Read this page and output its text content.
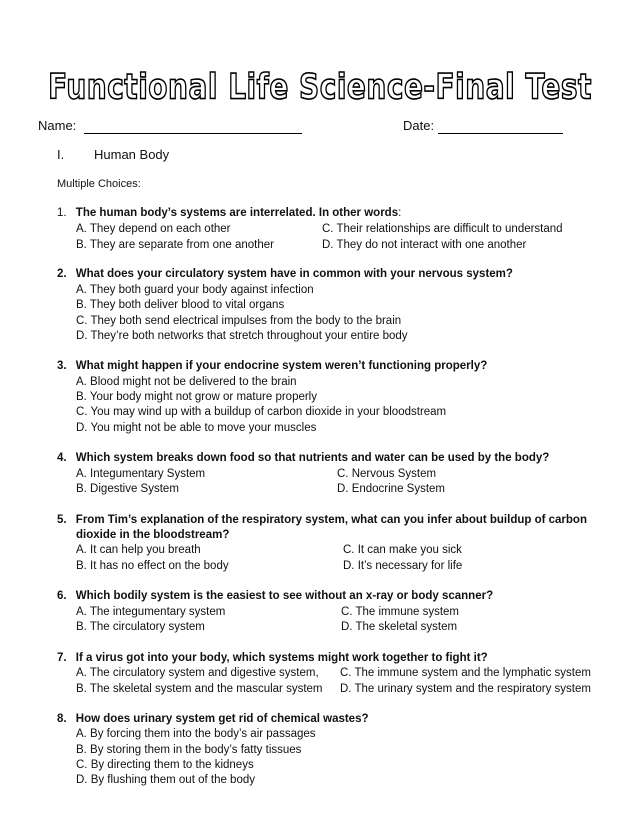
Functional Life Science-Final Test
Name:	Date:
I. Human Body
Multiple Choices:
1. The human body’s systems are interrelated. In other words:
A. They depend on each other	C. Their relationships are difficult to understand
B. They are separate from one another	D. They do not interact with one another
2. What does your circulatory system have in common with your nervous system?
A. They both guard your body against infection
B. They both deliver blood to vital organs
C. They both send electrical impulses from the body to the brain
D. They’re both networks that stretch throughout your entire body
3. What might happen if your endocrine system weren’t functioning properly?
A. Blood might not be delivered to the brain
B. Your body might not grow or mature properly
C. You may wind up with a buildup of carbon dioxide in your bloodstream
D. You might not be able to move your muscles
4. Which system breaks down food so that nutrients and water can be used by the body?
A. Integumentary System	C. Nervous System
B. Digestive System	D. Endocrine System
5. From Tim’s explanation of the respiratory system, what can you infer about buildup of carbon
dioxide in the bloodstream?
A. It can help you breath	C. It can make you sick
B. It has no effect on the body	D. It’s necessary for life
6. Which bodily system is the easiest to see without an x-ray or body scanner?
A. The integumentary system	C. The immune system
B. The circulatory system	D. The skeletal system
7. If a virus got into your body, which systems might work together to fight it?
A. The circulatory system and digestive system, C. The immune system and the lymphatic system
B. The skeletal system and the mascular system D. The urinary system and the respiratory system
8. How does urinary system get rid of chemical wastes?
A. By forcing them into the body’s air passages
B. By storing them in the body’s fatty tissues
C. By directing them to the kidneys
D. By flushing them out of the body
